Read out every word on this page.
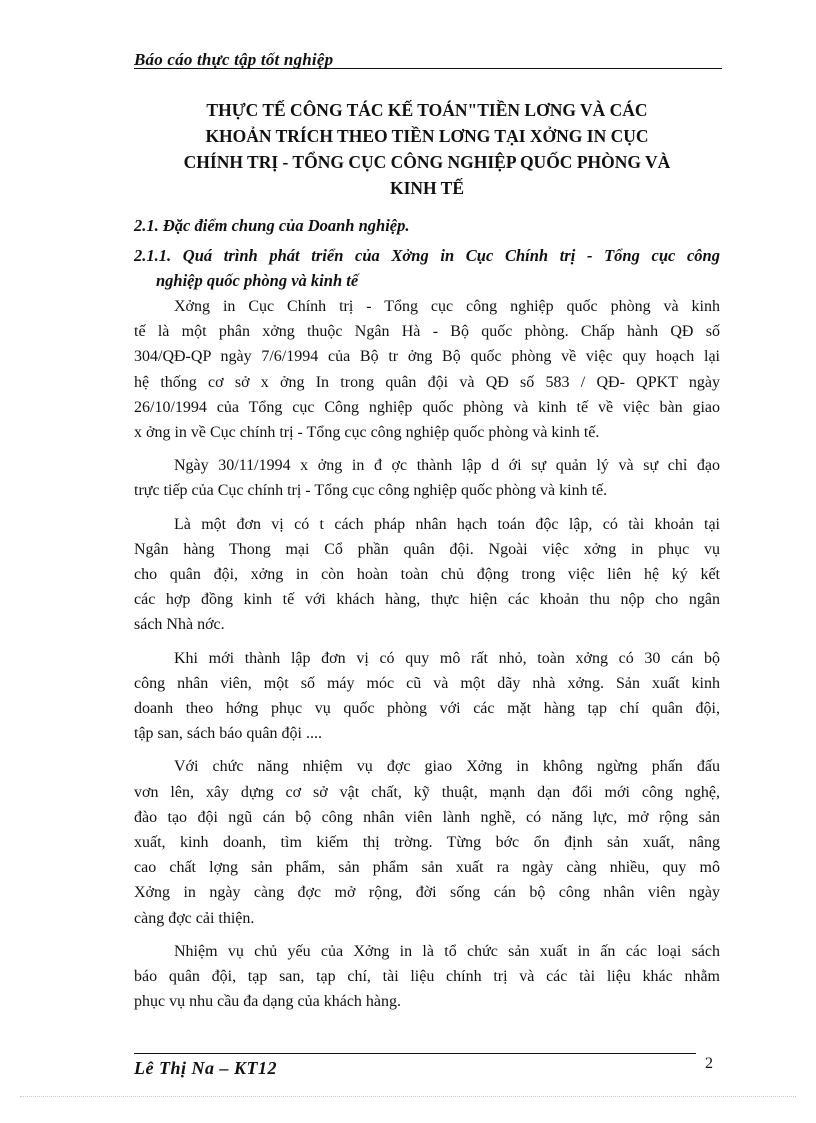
Báo cáo thực tập tốt nghiệp
THỰC TẾ CÔNG TÁC KẾ TOÁN"TIỀN LƠNG VÀ CÁC
KHOẢN TRÍCH THEO TIỀN LƠNG TẠI XỞNG IN CỤC
CHÍNH TRỊ - TỔNG CỤC CÔNG NGHIỆP QUỐC PHÒNG VÀ
KINH TẾ
2.1. Đặc điểm chung của Doanh nghiệp.
2.1.1. Quá trình phát triển của Xởng in Cục Chính trị - Tổng cục công
nghiệp quốc phòng và kinh tế
Xởng in Cục Chính trị - Tổng cục công nghiệp quốc phòng và kinh
tế là một phân xởng thuộc Ngân Hà - Bộ quốc phòng. Chấp hành QĐ số
304/QĐ-QP ngày 7/6/1994 của Bộ tr ởng Bộ quốc phòng về việc quy hoạch lại
hệ thống cơ sở x ởng In trong quân đội và QĐ số 583 / QĐ- QPKT ngày
26/10/1994 của Tổng cục Công nghiệp quốc phòng và kinh tế về việc bàn giao
x ởng in về Cục chính trị - Tổng cục công nghiệp quốc phòng và kinh tế.
Ngày 30/11/1994 x ởng in đ ợc thành lập d ới sự quản lý và sự chỉ đạo
trực tiếp của Cục chính trị - Tổng cục công nghiệp quốc phòng và kinh tế.
Là một đơn vị có t cách pháp nhân hạch toán độc lập, có tài khoản tại
Ngân hàng Thong mại Cổ phần quân đội. Ngoài việc xởng in phục vụ
cho quân đội, xởng in còn hoàn toàn chủ động trong việc liên hệ ký kết
các hợp đồng kinh tế với khách hàng, thực hiện các khoản thu nộp cho ngân
sách Nhà nớc.
Khi mới thành lập đơn vị có quy mô rất nhỏ, toàn xởng có 30 cán bộ
công nhân viên, một số máy móc cũ và một dãy nhà xởng. Sản xuất kinh
doanh theo hớng phục vụ quốc phòng với các mặt hàng tạp chí quân đội,
tập san, sách báo quân đội ....
Với chức năng nhiệm vụ đợc giao Xởng in không ngừng phấn đấu
vơn lên, xây dựng cơ sở vật chất, kỹ thuật, mạnh dạn đổi mới công nghệ,
đào tạo đội ngũ cán bộ công nhân viên lành nghề, có năng lực, mở rộng sản
xuất, kinh doanh, tìm kiếm thị trờng. Từng bớc ổn định sản xuất, nâng
cao chất lợng sản phẩm, sản phẩm sản xuất ra ngày càng nhiều, quy mô
Xởng in ngày càng đợc mở rộng, đời sống cán bộ công nhân viên ngày
càng đợc cải thiện.
Nhiệm vụ chủ yếu của Xởng in là tổ chức sản xuất in ấn các loại sách
báo quân đội, tạp san, tạp chí, tài liệu chính trị và các tài liệu khác nhằm
phục vụ nhu cầu đa dạng của khách hàng.
Lê Thị Na – KT12	2
